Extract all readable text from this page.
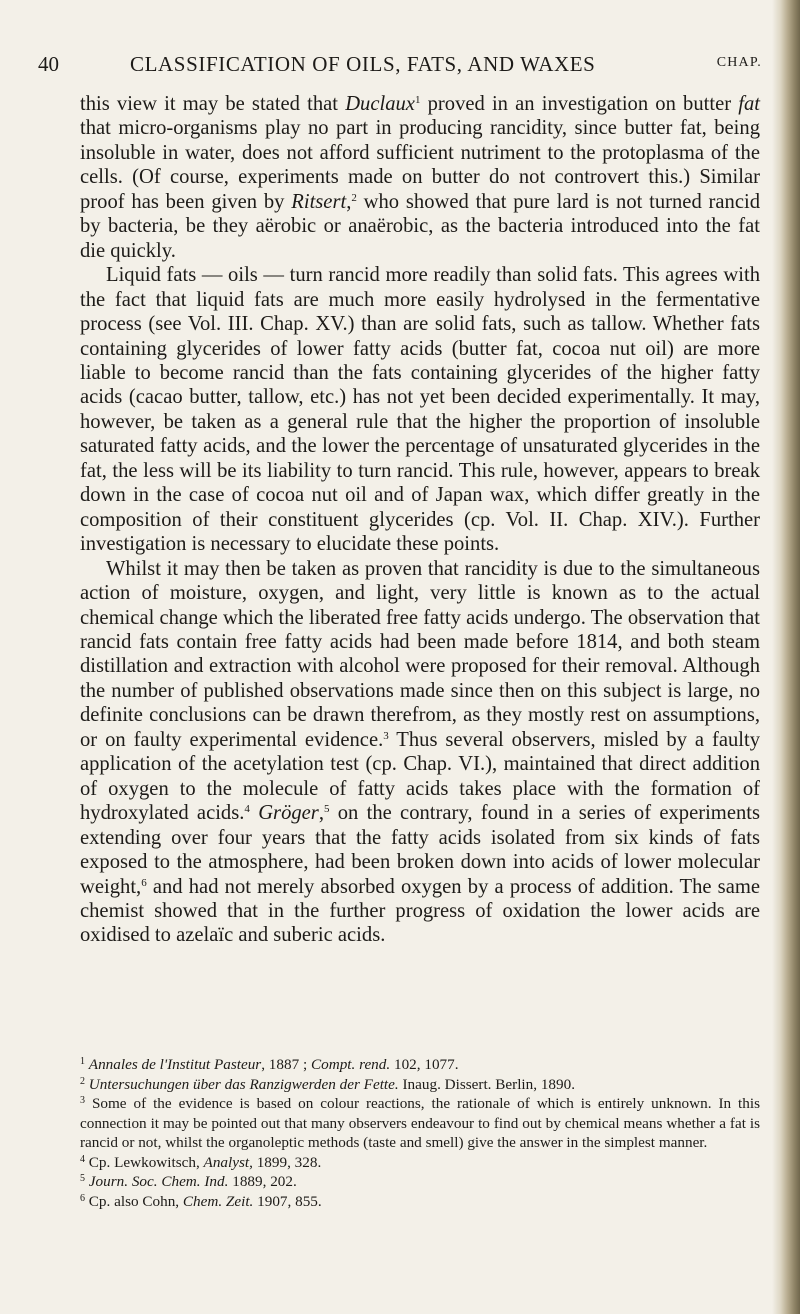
40	CLASSIFICATION OF OILS, FATS, AND WAXES	CHAP.

this view it may be stated that Duclaux$^1$ proved in an investigation on butter fat that micro-organisms play no part in producing rancidity, since butter fat, being insoluble in water, does not afford sufficient nutriment to the protoplasma of the cells. (Of course, experiments made on butter do not controvert this.) Similar proof has been given by Ritsert,$^2$ who showed that pure lard is not turned rancid by bacteria, be they aërobic or anaërobic, as the bacteria introduced into the fat die quickly.

Liquid fats — oils — turn rancid more readily than solid fats. This agrees with the fact that liquid fats are much more easily hydrolysed in the fermentative process (see Vol. III. Chap. XV.) than are solid fats, such as tallow. Whether fats containing glycerides of lower fatty acids (butter fat, cocoa nut oil) are more liable to become rancid than the fats containing glycerides of the higher fatty acids (cacao butter, tallow, etc.) has not yet been decided experimentally. It may, however, be taken as a general rule that the higher the proportion of insoluble saturated fatty acids, and the lower the percentage of unsaturated glycerides in the fat, the less will be its liability to turn rancid. This rule, however, appears to break down in the case of cocoa nut oil and of Japan wax, which differ greatly in the composition of their constituent glycerides (cp. Vol. II. Chap. XIV.). Further investigation is necessary to elucidate these points.

Whilst it may then be taken as proven that rancidity is due to the simultaneous action of moisture, oxygen, and light, very little is known as to the actual chemical change which the liberated free fatty acids undergo. The observation that rancid fats contain free fatty acids had been made before 1814, and both steam distillation and extraction with alcohol were proposed for their removal. Although the number of published observations made since then on this subject is large, no definite conclusions can be drawn therefrom, as they mostly rest on assumptions, or on faulty experimental evidence.$^3$ Thus several observers, misled by a faulty application of the acetylation test (cp. Chap. VI.), maintained that direct addition of oxygen to the molecule of fatty acids takes place with the formation of hydroxylated acids.$^4$ Gröger,$^5$ on the contrary, found in a series of experiments extending over four years that the fatty acids isolated from six kinds of fats exposed to the atmosphere, had been broken down into acids of lower molecular weight,$^6$ and had not merely absorbed oxygen by a process of addition. The same chemist showed that in the further progress of oxidation the lower acids are oxidised to azelaïc and suberic acids.

$^1$ Annales de l'Institut Pasteur, 1887 ; Compt. rend. 102, 1077.

$^2$ Untersuchungen über das Ranzigwerden der Fette. Inaug. Dissert. Berlin, 1890.

$^3$ Some of the evidence is based on colour reactions, the rationale of which is entirely unknown. In this connection it may be pointed out that many observers endeavour to find out by chemical means whether a fat is rancid or not, whilst the organoleptic methods (taste and smell) give the answer in the simplest manner.

$^4$ Cp. Lewkowitsch, Analyst, 1899, 328.

$^5$ Journ. Soc. Chem. Ind. 1889, 202.

$^6$ Cp. also Cohn, Chem. Zeit. 1907, 855.
